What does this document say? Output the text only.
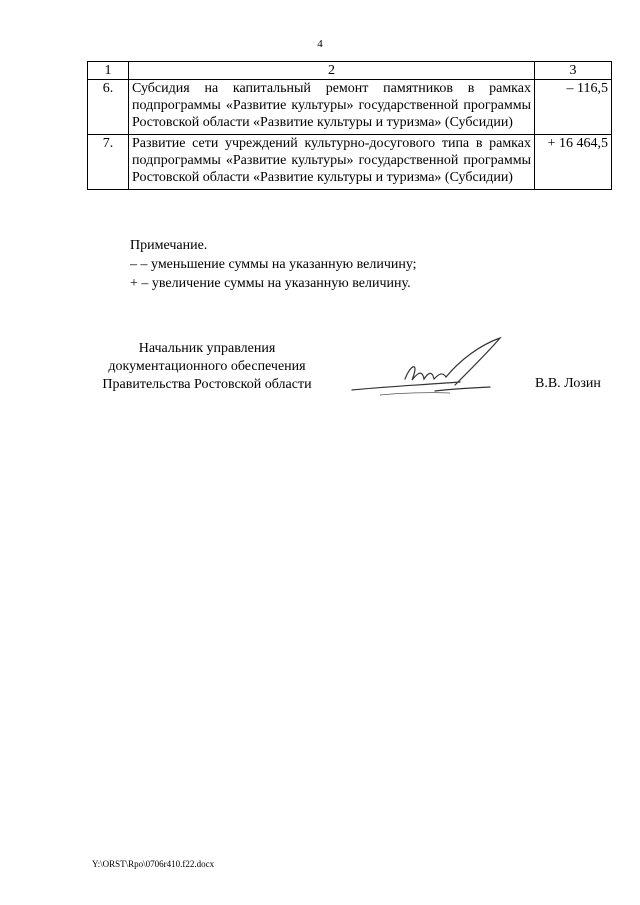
4
1	2	3
6.	Субсидия на капитальный ремонт памятников в рамках подпрограммы «Развитие культуры» государственной программы Ростовской области «Развитие культуры и туризма» (Субсидии)	– 116,5
7.	Развитие сети учреждений культурно-досугового типа в рамках подпрограммы «Развитие культуры» государственной программы Ростовской области «Развитие культуры и туризма» (Субсидии)	+ 16 464,5
Примечание.
– – уменьшение суммы на указанную величину;
+ – увеличение суммы на указанную величину.
Начальник управления
документационного обеспечения
Правительства Ростовской области	В.В. Лозин
Y:\ORST\Rpo\0706r410.f22.docx
